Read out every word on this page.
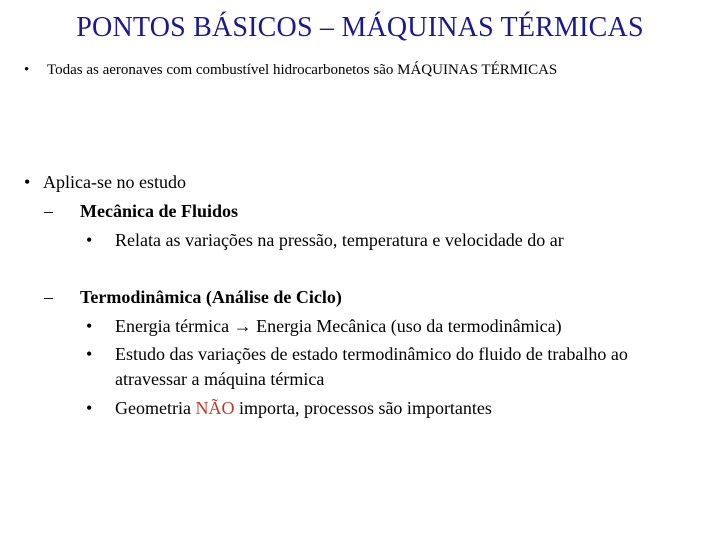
PONTOS BÁSICOS – MÁQUINAS TÉRMICAS
• Todas as aeronaves com combustível hidrocarbonetos são MÁQUINAS TÉRMICAS
• Aplica-se no estudo
– Mecânica de Fluidos
• Relata as variações na pressão, temperatura e velocidade do ar
– Termodinâmica (Análise de Ciclo)
• Energia térmica → Energia Mecânica (uso da termodinâmica)
• Estudo das variações de estado termodinâmico do fluido de trabalho ao
atravessar a máquina térmica
• Geometria NÃO importa, processos são importantes
